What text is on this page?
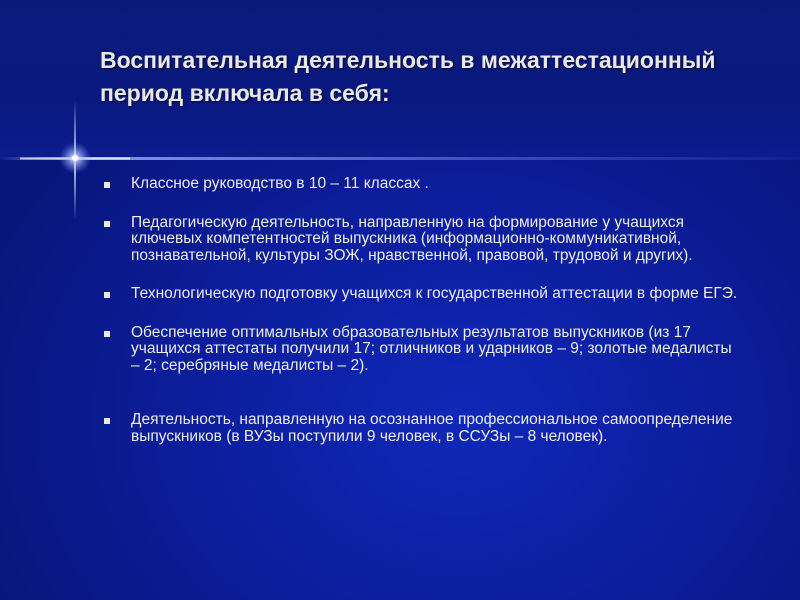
Воспитательная деятельность в межаттестационный период включала в себя:
Классное руководство в 10 – 11 классах .
Педагогическую деятельность, направленную на формирование у учащихся ключевых компетентностей выпускника (информационно-коммуникативной, познавательной, культуры ЗОЖ, нравственной, правовой, трудовой и других).
Технологическую подготовку учащихся к государственной аттестации в форме ЕГЭ.
Обеспечение оптимальных образовательных результатов выпускников (из 17 учащихся аттестаты получили 17; отличников и ударников – 9; золотые медалисты – 2; серебряные медалисты – 2).
Деятельность, направленную на осознанное профессиональное самоопределение выпускников (в ВУЗы поступили 9 человек, в ССУЗы – 8 человек).
